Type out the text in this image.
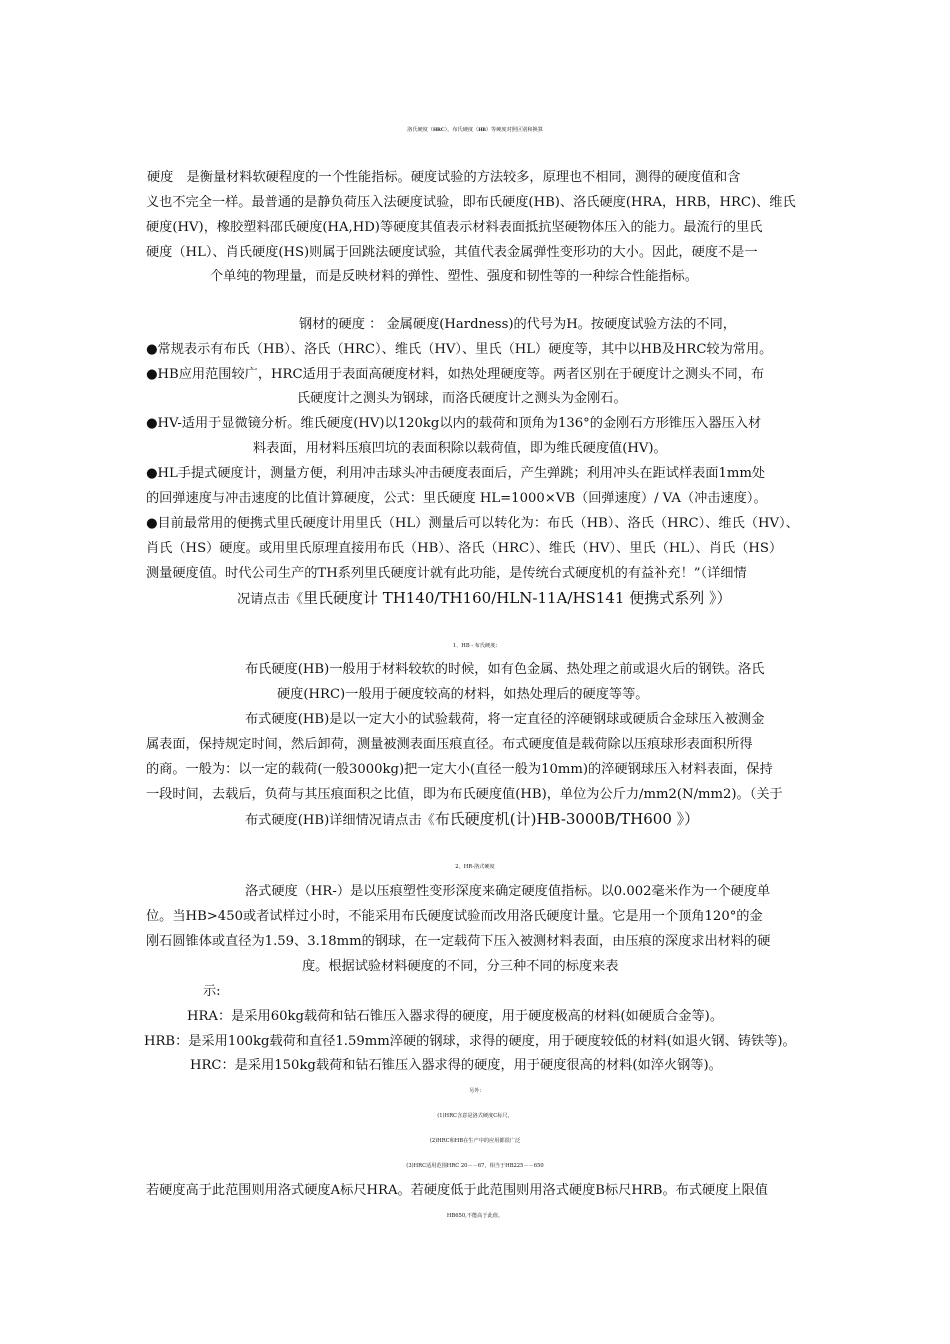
洛氏硬度（HRC）、布氏硬度（HB）等硬度对照区别和换算
硬度　是衡量材料软硬程度的一个性能指标。硬度试验的方法较多，原理也不相同，测得的硬度值和含
义也不完全一样。最普通的是静负荷压入法硬度试验，即布氏硬度(HB)、洛氏硬度(HRA，HRB，HRC)、维氏
硬度(HV)，橡胶塑料邵氏硬度(HA,HD)等硬度其值表示材料表面抵抗坚硬物体压入的能力。最流行的里氏
硬度（HL）、肖氏硬度(HS)则属于回跳法硬度试验，其值代表金属弹性变形功的大小。因此，硬度不是一
个单纯的物理量，而是反映材料的弹性、塑性、强度和韧性等的一种综合性能指标。
钢材的硬度 ： 金属硬度(Hardness)的代号为H。按硬度试验方法的不同，
●常规表示有布氏（HB）、洛氏（HRC）、维氏（HV）、里氏（HL）硬度等，其中以HB及HRC较为常用。
●HB应用范围较广，HRC适用于表面高硬度材料，如热处理硬度等。两者区别在于硬度计之测头不同，布
氏硬度计之测头为钢球，而洛氏硬度计之测头为金刚石。
●HV-适用于显微镜分析。维氏硬度(HV)以120kg以内的载荷和顶角为136°的金刚石方形锥压入器压入材
料表面，用材料压痕凹坑的表面积除以载荷值，即为维氏硬度值(HV)。
●HL手提式硬度计，测量方便，利用冲击球头冲击硬度表面后，产生弹跳；利用冲头在距试样表面1mm处
的回弹速度与冲击速度的比值计算硬度，公式：里氏硬度 HL=1000×VB（回弹速度）/ VA（冲击速度）。
●目前最常用的便携式里氏硬度计用里氏（HL）测量后可以转化为：布氏（HB）、洛氏（HRC）、维氏（HV）、
肖氏（HS）硬度。或用里氏原理直接用布氏（HB）、洛氏（HRC）、维氏（HV）、里氏（HL）、肖氏（HS）
测量硬度值。时代公司生产的TH系列里氏硬度计就有此功能，是传统台式硬度机的有益补充！”（详细情
况请点击《里氏硬度计 TH140/TH160/HLN-11A/HS141 便携式系列 》）
1、HB - 布氏硬度:
布氏硬度(HB)一般用于材料较软的时候，如有色金属、热处理之前或退火后的钢铁。洛氏
硬度(HRC)一般用于硬度较高的材料，如热处理后的硬度等等。
布式硬度(HB)是以一定大小的试验载荷，将一定直径的淬硬钢球或硬质合金球压入被测金
属表面，保持规定时间，然后卸荷，测量被测表面压痕直径。布式硬度值是载荷除以压痕球形表面积所得
的商。一般为：以一定的载荷(一般3000kg)把一定大小(直径一般为10mm)的淬硬钢球压入材料表面，保持
一段时间，去载后，负荷与其压痕面积之比值，即为布氏硬度值(HB)，单位为公斤力/mm2(N/mm2)。（关于
布式硬度(HB)详细情况请点击《布氏硬度机(计)HB-3000B/TH600 》）
2、HR-洛式硬度
洛式硬度（HR-）是以压痕塑性变形深度来确定硬度值指标。以0.002毫米作为一个硬度单
位。当HB>450或者试样过小时，不能采用布氏硬度试验而改用洛氏硬度计量。它是用一个顶角120°的金
刚石圆锥体或直径为1.59、3.18mm的钢球，在一定载荷下压入被测材料表面，由压痕的深度求出材料的硬
度。根据试验材料硬度的不同，分三种不同的标度来表
示:
HRA：是采用60kg载荷和钻石锥压入器求得的硬度，用于硬度极高的材料(如硬质合金等)。
HRB：是采用100kg载荷和直径1.59mm淬硬的钢球，求得的硬度，用于硬度较低的材料(如退火钢、铸铁等)。
HRC：是采用150kg载荷和钻石锥压入器求得的硬度，用于硬度很高的材料(如淬火钢等)。
另外:
(1)HRC含意是洛式硬度C标尺，
(2)HRC和HB在生产中的应用都很广泛
(3)HRC适用范围HRC 20－－67，相当于HB225－－650
若硬度高于此范围则用洛式硬度A标尺HRA。若硬度低于此范围则用洛式硬度B标尺HRB。布式硬度上限值
HB650,不能高于此值。
